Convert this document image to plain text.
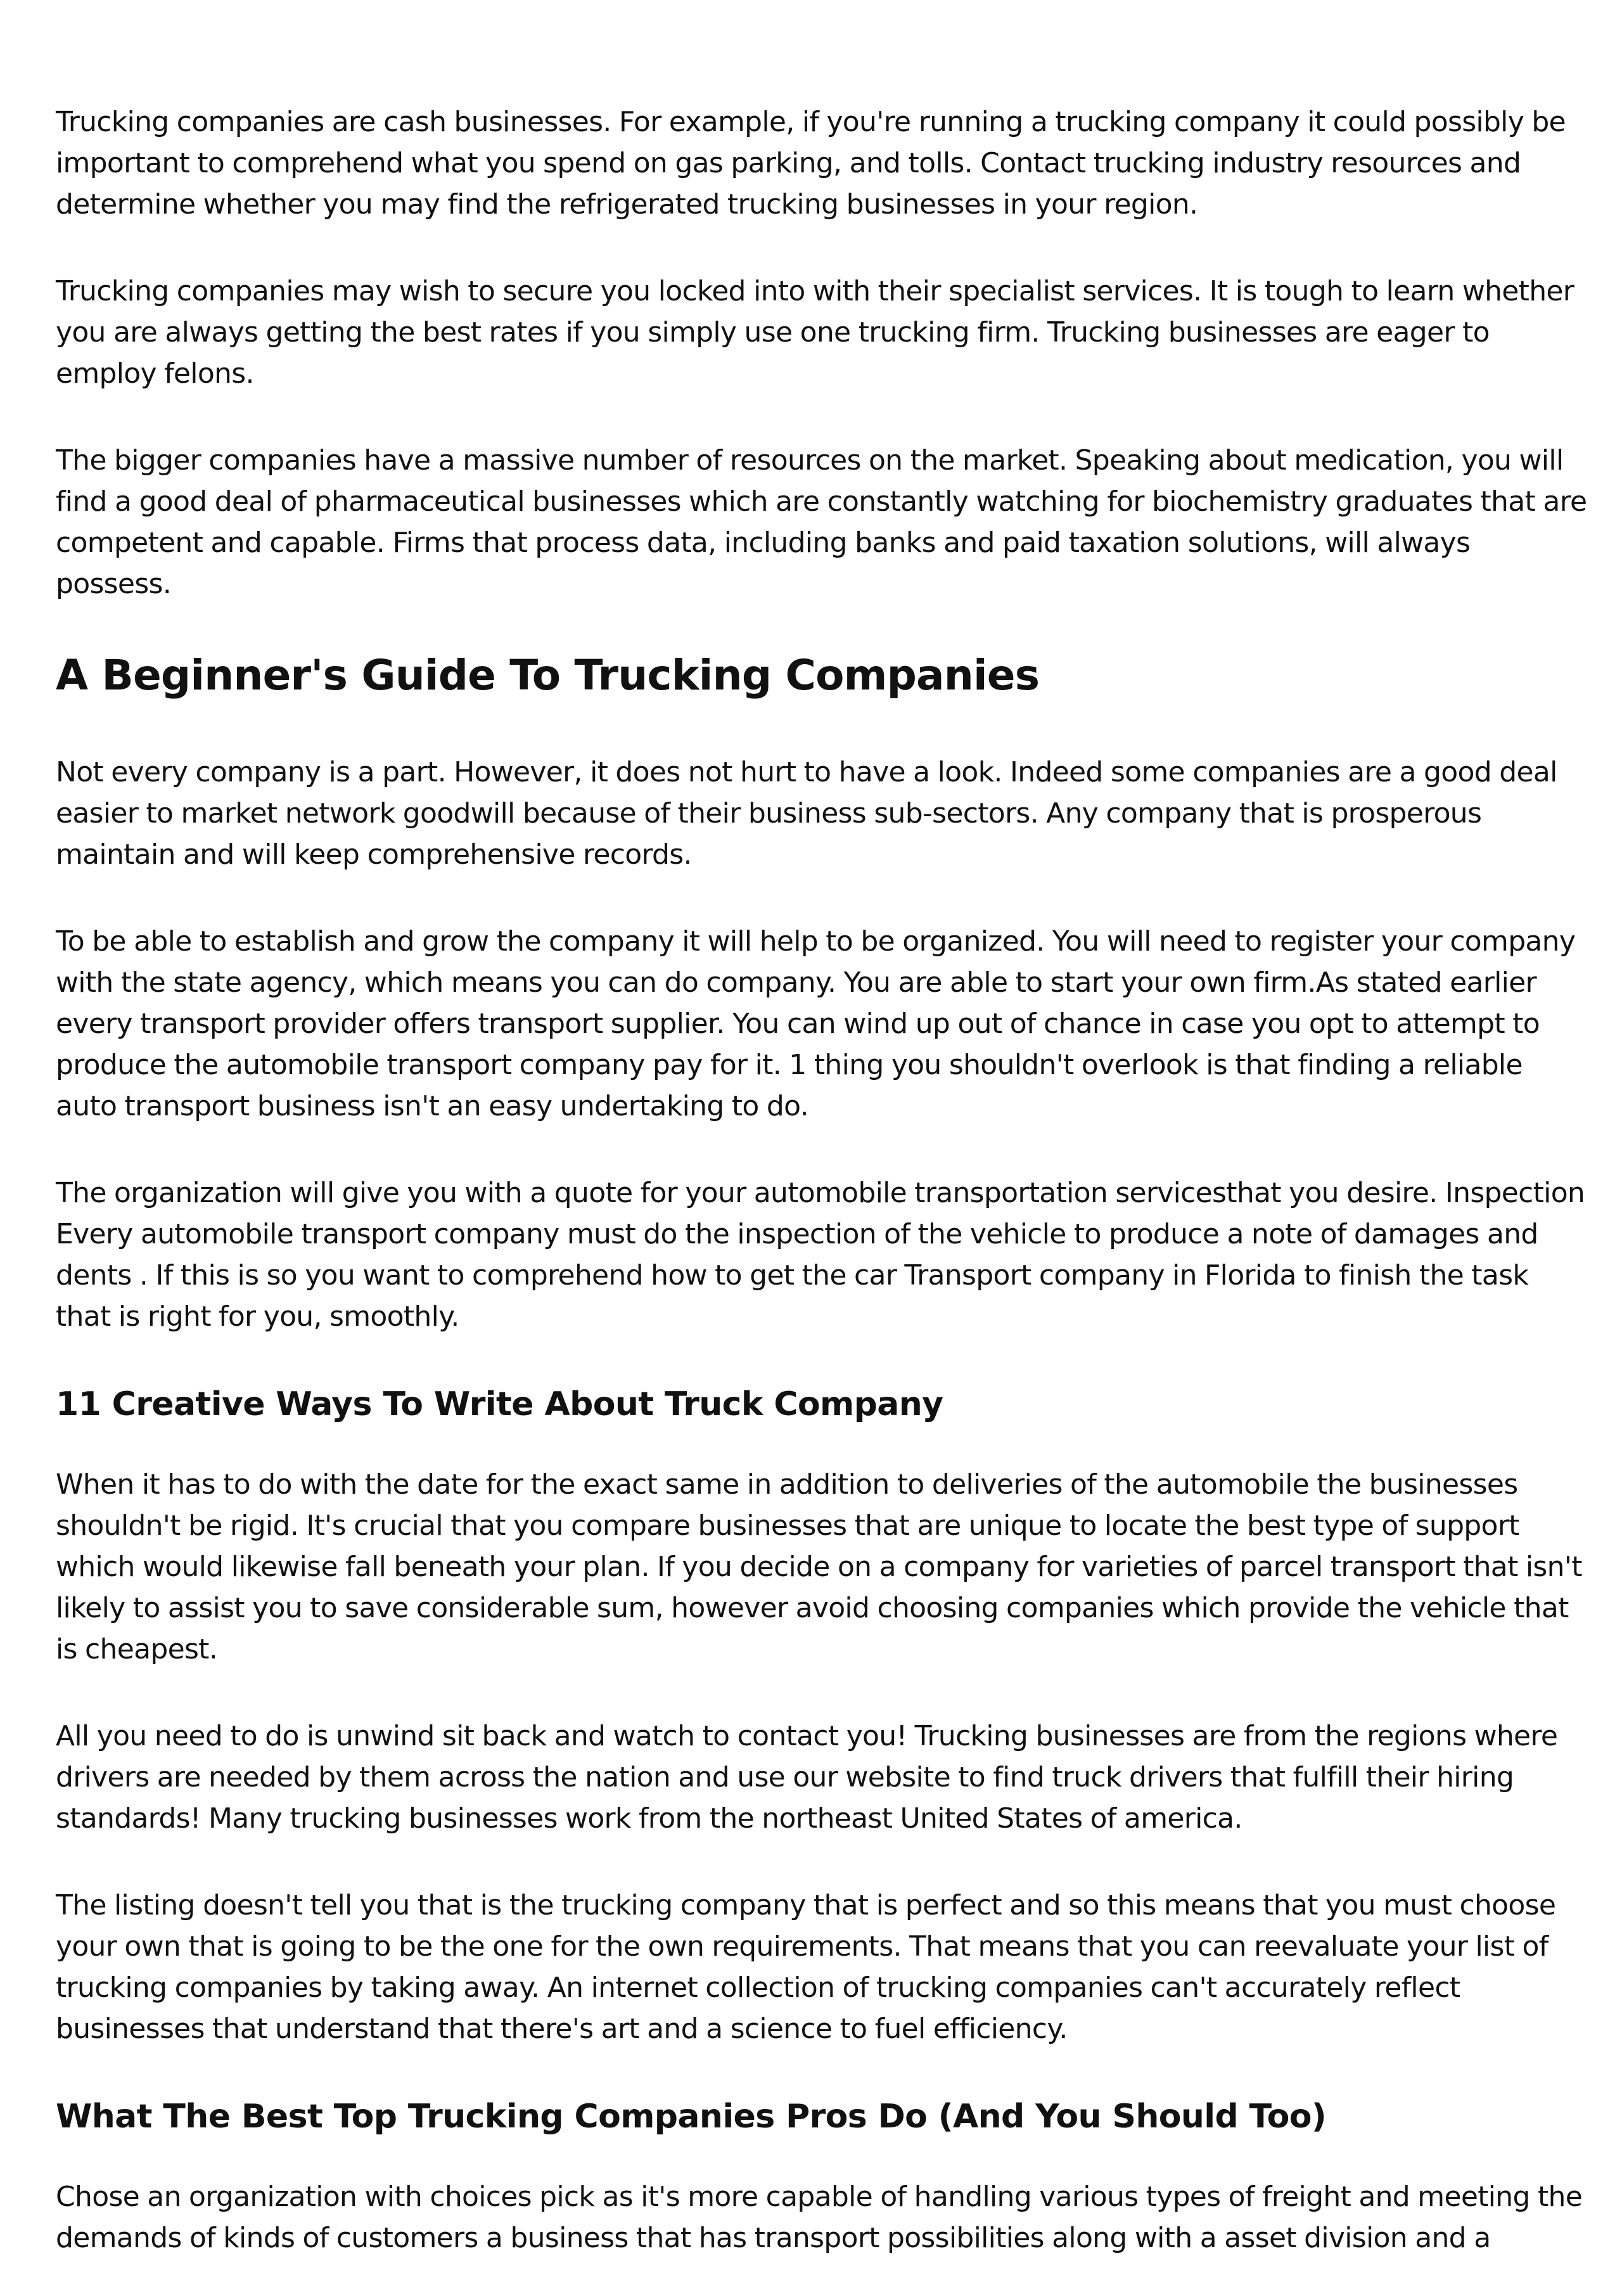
Trucking companies are cash businesses. For example, if you're running a trucking company it could possibly be important to comprehend what you spend on gas parking, and tolls. Contact trucking industry resources and determine whether you may find the refrigerated trucking businesses in your region.

Trucking companies may wish to secure you locked into with their specialist services. It is tough to learn whether you are always getting the best rates if you simply use one trucking firm. Trucking businesses are eager to employ felons.

The bigger companies have a massive number of resources on the market. Speaking about medication, you will find a good deal of pharmaceutical businesses which are constantly watching for biochemistry graduates that are competent and capable. Firms that process data, including banks and paid taxation solutions, will always possess.

A Beginner's Guide To Trucking Companies

Not every company is a part. However, it does not hurt to have a look. Indeed some companies are a good deal easier to market network goodwill because of their business sub-sectors. Any company that is prosperous maintain and will keep comprehensive records.

To be able to establish and grow the company it will help to be organized. You will need to register your company with the state agency, which means you can do company. You are able to start your own firm.As stated earlier every transport provider offers transport supplier. You can wind up out of chance in case you opt to attempt to produce the automobile transport company pay for it. 1 thing you shouldn't overlook is that finding a reliable auto transport business isn't an easy undertaking to do.

The organization will give you with a quote for your automobile transportation servicesthat you desire. Inspection Every automobile transport company must do the inspection of the vehicle to produce a note of damages and dents . If this is so you want to comprehend how to get the car Transport company in Florida to finish the task that is right for you, smoothly.

11 Creative Ways To Write About Truck Company

When it has to do with the date for the exact same in addition to deliveries of the automobile the businesses shouldn't be rigid. It's crucial that you compare businesses that are unique to locate the best type of support which would likewise fall beneath your plan. If you decide on a company for varieties of parcel transport that isn't likely to assist you to save considerable sum, however avoid choosing companies which provide the vehicle that is cheapest.

All you need to do is unwind sit back and watch to contact you! Trucking businesses are from the regions where drivers are needed by them across the nation and use our website to find truck drivers that fulfill their hiring standards! Many trucking businesses work from the northeast United States of america.

The listing doesn't tell you that is the trucking company that is perfect and so this means that you must choose your own that is going to be the one for the own requirements. That means that you can reevaluate your list of trucking companies by taking away. An internet collection of trucking companies can't accurately reflect businesses that understand that there's art and a science to fuel efficiency.

What The Best Top Trucking Companies Pros Do (And You Should Too)

Chose an organization with choices pick as it's more capable of handling various types of freight and meeting the demands of kinds of customers a business that has transport possibilities along with a asset division and a
